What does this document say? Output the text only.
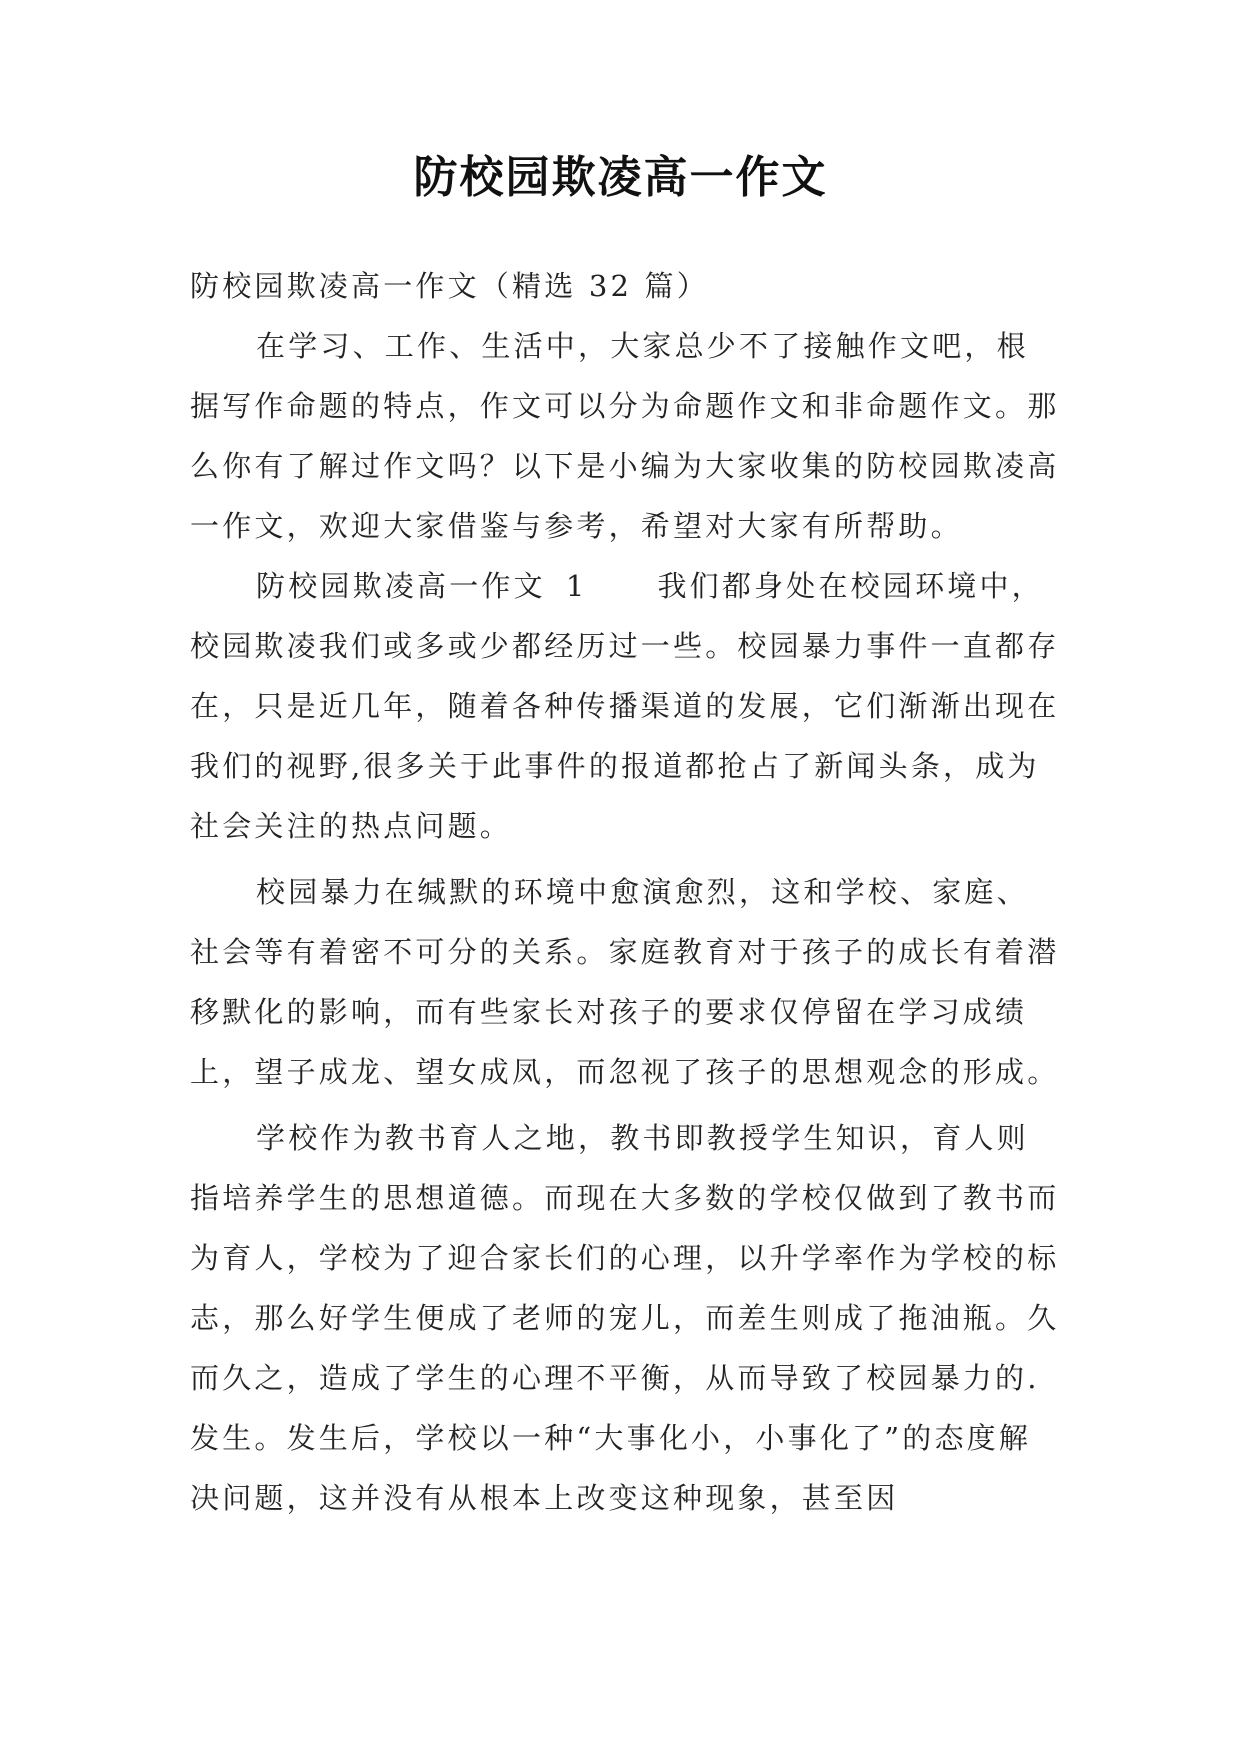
防校园欺凌高一作文

防校园欺凌高一作文（精选 32 篇）

在学习、工作、生活中，大家总少不了接触作文吧，根据写作命题的特点，作文可以分为命题作文和非命题作文。那么你有了解过作文吗？以下是小编为大家收集的防校园欺凌高一作文，欢迎大家借鉴与参考，希望对大家有所帮助。

防校园欺凌高一作文 1 我们都身处在校园环境中，校园欺凌我们或多或少都经历过一些。校园暴力事件一直都存在，只是近几年，随着各种传播渠道的发展，它们渐渐出现在我们的视野,很多关于此事件的报道都抢占了新闻头条，成为社会关注的热点问题。

校园暴力在缄默的环境中愈演愈烈，这和学校、家庭、社会等有着密不可分的关系。家庭教育对于孩子的成长有着潜移默化的影响，而有些家长对孩子的要求仅停留在学习成绩上，望子成龙、望女成凤，而忽视了孩子的思想观念的形成。

学校作为教书育人之地，教书即教授学生知识，育人则指培养学生的思想道德。而现在大多数的学校仅做到了教书而为育人，学校为了迎合家长们的心理，以升学率作为学校的标志，那么好学生便成了老师的宠儿，而差生则成了拖油瓶。久而久之，造成了学生的心理不平衡，从而导致了校园暴力的.发生。发生后，学校以一种“大事化小，小事化了”的态度解决问题，这并没有从根本上改变这种现象，甚至因
